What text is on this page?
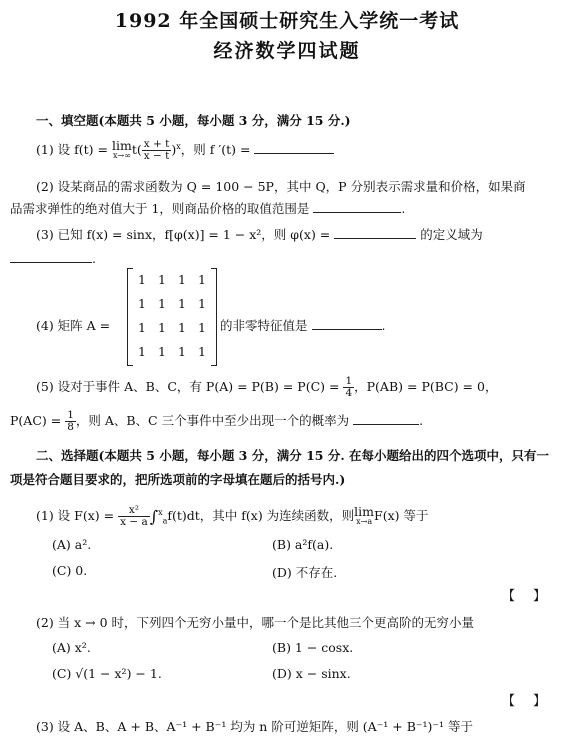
1992 年全国硕士研究生入学统一考试
经济数学四试题
一、填空题(本题共 5 小题，每小题 3 分，满分 15 分.)
(1) 设 f(t) = lim
x→∞ $t( \frac{x + t}{x - t} )^x$，则 f ′(t) =
(2) 设某商品的需求函数为 Q = 100 − 5P，其中 Q，P 分别表示需求量和价格，如果商
品需求弹性的绝对值大于 1，则商品价格的取值范围是	.
(3) 已知 f(x) = sinx，f[φ(x)] = 1 − x²，则 φ(x) =	的定义域为
.
(4) 矩阵 A =
1 1 1 1
1 1 1 1
1 1 1 1
1 1 1 1
的非零特征值是	.
(5) 设对于事件 A、B、C，有 $P(A) = P(B) = P(C) = \frac{1}{4}$ ，P(AB) = P(BC) = 0，
$P(AC) = \frac{1}{8}$ ，则 A、B、C 三个事件中至少出现一个的概率为	.
二、选择题(本题共 5 小题，每小题 3 分，满分 15 分. 在每小题给出的四个选项中，只有一
项是符合题目要求的，把所选项前的字母填在题后的括号内.)
(1) 设 $F(x) = \frac{\text{x²}}{x - a} \int^x_af(t)dt$，其中 f(x) 为连续函数，则lim
x→a F(x) 等于
(A) a².	(B) a²f(a).
(C) 0.	(D) 不存在.
【】
(2) 当 x → 0 时，下列四个无穷小量中，哪一个是比其他三个更高阶的无穷小量
(A) x².	(B) 1 − cosx.
(C) √(1 − x²) − 1.	(D) x − sinx.
【】
(3) 设 A、B、A + B、A⁻¹ + B⁻¹ 均为 n 阶可逆矩阵，则 (A⁻¹ + B⁻¹)⁻¹ 等于
